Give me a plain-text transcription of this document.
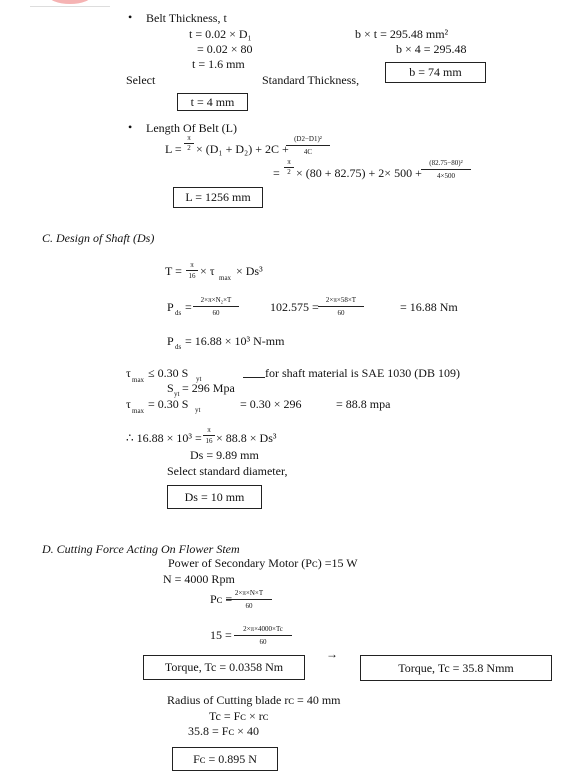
• Belt Thickness, t
t = 0.02 × D₁
= 0.02 × 80
t = 1.6 mm
b × t = 295.48 mm²
b × 4 = 295.48
Select	Standard Thickness,
b = 74 mm
t = 4 mm
• Length Of Belt (L)
L =
π
2 × (D₁ + D₂) + 2C +
(D2−D1)²
4C
=
π
2 × (80 + 82.75) + 2× 500 +
(82.75−80)²
4×500
L = 1256 mm
C. Design of Shaft (Ds)
T =	π
16 × τ max × Ds³
P ds =	2×π×N₂×T
60	102.575 =	2×π×58×T
60	= 16.88 Nm
P ds = 16.88 × 10³ N-mm
τ max ≤ 0.30 S yt	for shaft material is SAE 1030 (DB 109)
S yt = 296 Mpa
τ max = 0.30 S yt	= 0.30 × 296	= 88.8 mpa
∴ 16.88 × 10³ =
π
16 × 88.8 × Ds³
Ds = 9.89 mm
Select standard diameter,
Ds = 10 mm
D. Cutting Force Acting On Flower Stem
Power of Secondary Motor (Pᴄ) =15 W
N = 4000 Rpm
Pᴄ = 2×π×N×T
60
15 =	2×π×4000×Tc
60
→
Torque, Tc = 0.0358 Nm	Torque, Tc = 35.8 Nmm
Radius of Cutting blade rᴄ = 40 mm
Tc = Fᴄ × rᴄ
35.8 = Fᴄ × 40
Fᴄ = 0.895 N
